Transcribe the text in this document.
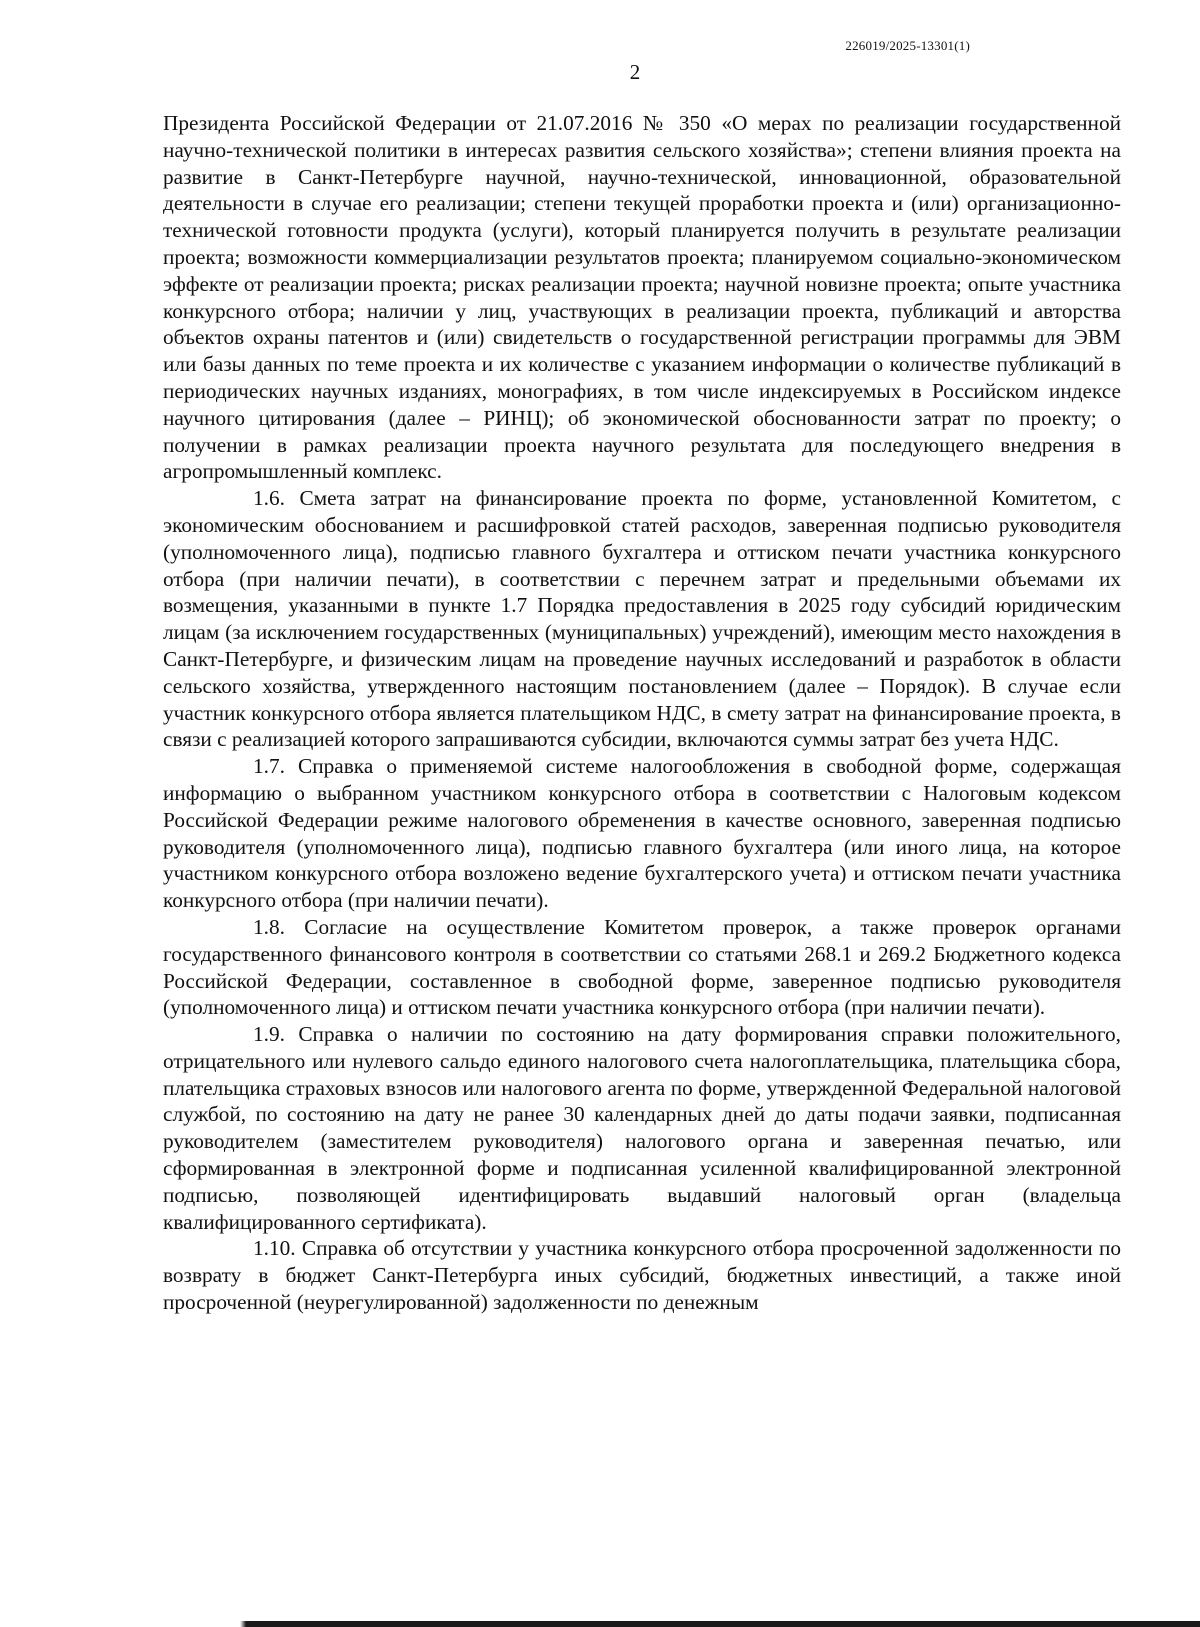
226019/2025-13301(1)
2

Президента Российской Федерации от 21.07.2016 № 350 «О мерах по реализации государственной научно-технической политики в интересах развития сельского хозяйства»; степени влияния проекта на развитие в Санкт-Петербурге научной, научно-технической, инновационной, образовательной деятельности в случае его реализации; степени текущей проработки проекта и (или) организационно-технической готовности продукта (услуги), который планируется получить в результате реализации проекта; возможности коммерциализации результатов проекта; планируемом социально-экономическом эффекте от реализации проекта; рисках реализации проекта; научной новизне проекта; опыте участника конкурсного отбора; наличии у лиц, участвующих в реализации проекта, публикаций и авторства объектов охраны патентов и (или) свидетельств о государственной регистрации программы для ЭВМ или базы данных по теме проекта и их количестве с указанием информации о количестве публикаций в периодических научных изданиях, монографиях, в том числе индексируемых в Российском индексе научного цитирования (далее – РИНЦ); об экономической обоснованности затрат по проекту; о получении в рамках реализации проекта научного результата для последующего внедрения в агропромышленный комплекс.

1.6. Смета затрат на финансирование проекта по форме, установленной Комитетом, с экономическим обоснованием и расшифровкой статей расходов, заверенная подписью руководителя (уполномоченного лица), подписью главного бухгалтера и оттиском печати участника конкурсного отбора (при наличии печати), в соответствии с перечнем затрат и предельными объемами их возмещения, указанными в пункте 1.7 Порядка предоставления в 2025 году субсидий юридическим лицам (за исключением государственных (муниципальных) учреждений), имеющим место нахождения в Санкт-Петербурге, и физическим лицам на проведение научных исследований и разработок в области сельского хозяйства, утвержденного настоящим постановлением (далее – Порядок). В случае если участник конкурсного отбора является плательщиком НДС, в смету затрат на финансирование проекта, в связи с реализацией которого запрашиваются субсидии, включаются суммы затрат без учета НДС.

1.7. Справка о применяемой системе налогообложения в свободной форме, содержащая информацию о выбранном участником конкурсного отбора в соответствии с Налоговым кодексом Российской Федерации режиме налогового обременения в качестве основного, заверенная подписью руководителя (уполномоченного лица), подписью главного бухгалтера (или иного лица, на которое участником конкурсного отбора возложено ведение бухгалтерского учета) и оттиском печати участника конкурсного отбора (при наличии печати).

1.8. Согласие на осуществление Комитетом проверок, а также проверок органами государственного финансового контроля в соответствии со статьями 268.1 и 269.2 Бюджетного кодекса Российской Федерации, составленное в свободной форме, заверенное подписью руководителя (уполномоченного лица) и оттиском печати участника конкурсного отбора (при наличии печати).

1.9. Справка о наличии по состоянию на дату формирования справки положительного, отрицательного или нулевого сальдо единого налогового счета налогоплательщика, плательщика сбора, плательщика страховых взносов или налогового агента по форме, утвержденной Федеральной налоговой службой, по состоянию на дату не ранее 30 календарных дней до даты подачи заявки, подписанная руководителем (заместителем руководителя) налогового органа и заверенная печатью, или сформированная в электронной форме и подписанная усиленной квалифицированной электронной подписью, позволяющей идентифицировать выдавший налоговый орган (владельца квалифицированного сертификата).

1.10. Справка об отсутствии у участника конкурсного отбора просроченной задолженности по возврату в бюджет Санкт-Петербурга иных субсидий, бюджетных инвестиций, а также иной просроченной (неурегулированной) задолженности по денежным
